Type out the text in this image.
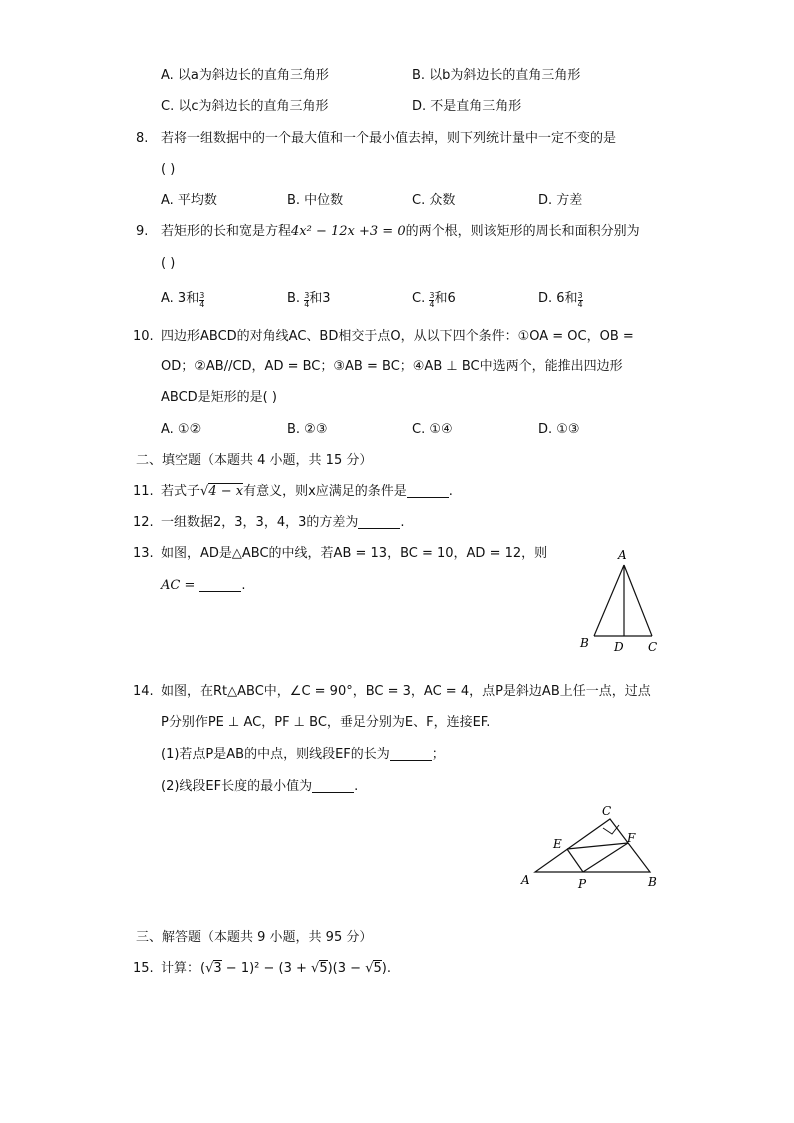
A. 以a为斜边长的直角三角形	B. 以b为斜边长的直角三角形
C. 以c为斜边长的直角三角形	D. 不是直角三角形
8. 若将一组数据中的一个最大值和一个最小值去掉，则下列统计量中一定不变的是
( )
A. 平均数	B. 中位数	C. 众数	D. 方差
9. 若矩形的长和宽是方程4x² − 12x +3 = 0的两个根，则该矩形的周长和面积分别为
( )
A. 3和 $\frac{3}{4}$	B. $\frac{3}{4}$ 和3	C. $\frac{3}{4}$ 和6	D. 6和 $\frac{3}{4}$
10. 四边形ABCD的对角线AC、BD相交于点O，从以下四个条件：①OA = OC，OB =
OD；②AB//CD，AD = BC；③AB = BC；④AB ⊥ BC中选两个，能推出四边形
ABCD是矩形的是( )
A. ①②	B. ②③	C. ①④	D. ①③
二、填空题（本题共 4 小题，共 15 分）
11. 若式子√4 − x有意义，则x应满足的条件是	.
12. 一组数据2，3，3，4，3的方差为	.
13. 如图，AD是△ABC的中线，若AB = 13，BC = 10，AD = 12，则
AC =	.
A
B D C
14. 如图，在Rt△ABC中，∠C = 90°，BC = 3，AC = 4，点P是斜边AB上任一点，过点
P分别作PE ⊥ AC，PF ⊥ BC，垂足分别为E、F，连接EF.
(1)若点P是AB的中点，则线段EF的长为	；
(2)线段EF长度的最小值为	.
C
E	F
A	P	B
三、解答题（本题共 9 小题，共 95 分）
15. 计算：(√3 − 1)² − (3 + √5)(3 − √5).
